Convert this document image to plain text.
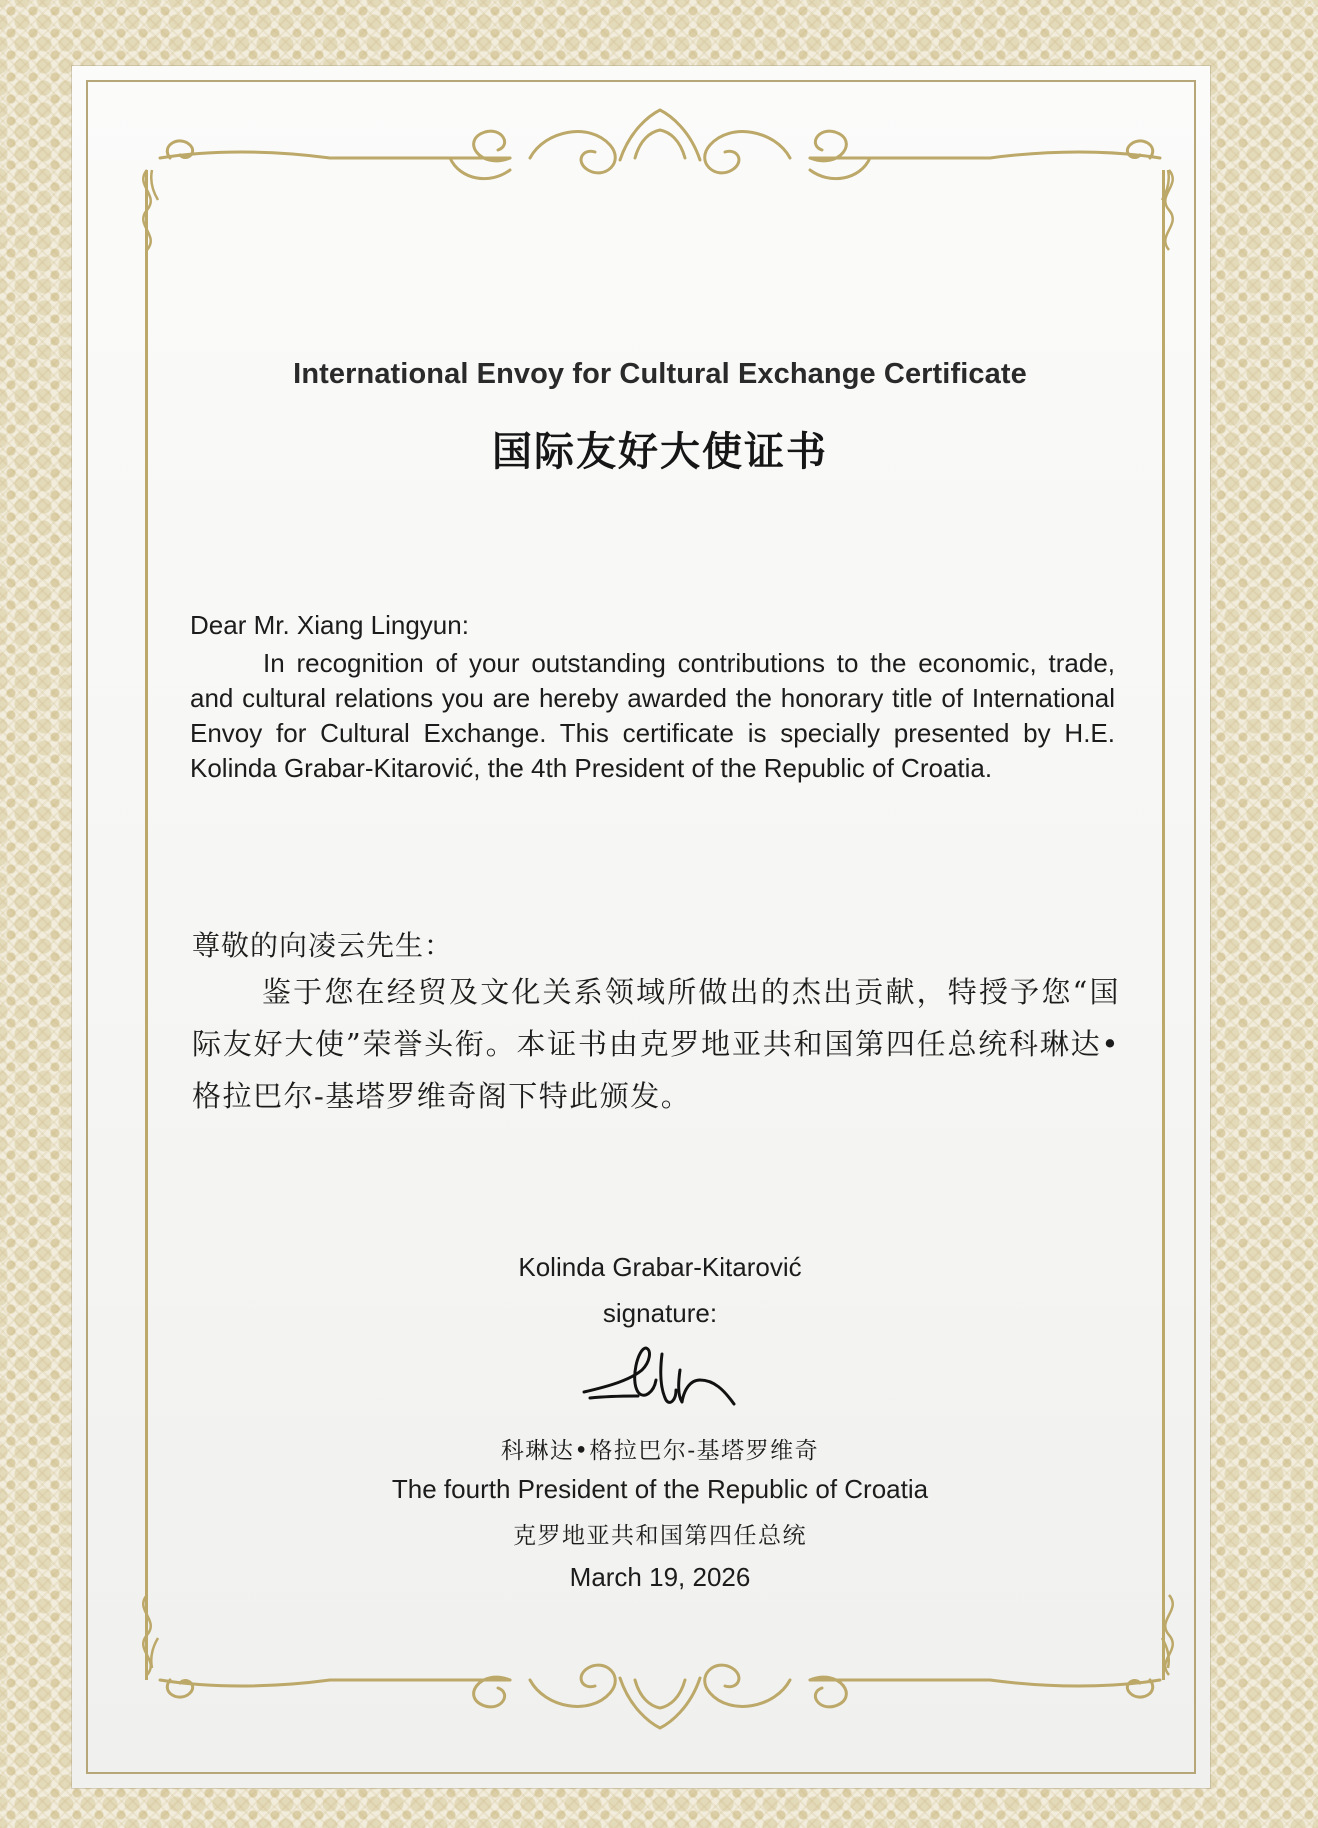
International Envoy for Cultural Exchange Certificate
国际友好大使证书
Dear Mr. Xiang Lingyun:
In recognition of your outstanding contributions to the economic, trade, and cultural relations you are hereby awarded the honorary title of International Envoy for Cultural Exchange. This certificate is specially presented by H.E. Kolinda Grabar-Kitarović, the 4th President of the Republic of Croatia.
尊敬的向凌云先生：
鉴于您在经贸及文化关系领域所做出的杰出贡献，特授予您“国际友好大使”荣誉头衔。本证书由克罗地亚共和国第四任总统科琳达•格拉巴尔-基塔罗维奇阁下特此颁发。
Kolinda Grabar-Kitarović
signature:
科琳达•格拉巴尔-基塔罗维奇
The fourth President of the Republic of Croatia
克罗地亚共和国第四任总统
March 19, 2026
